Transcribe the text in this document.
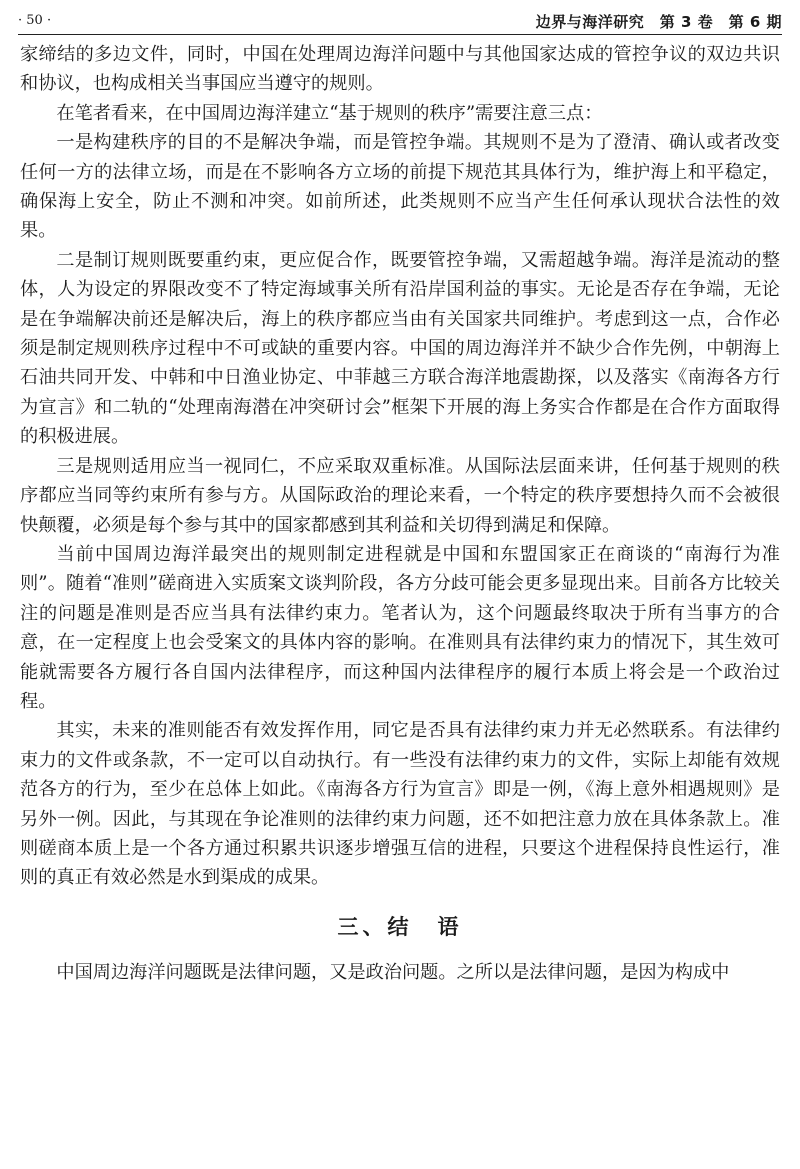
· 50 ·	边界与海洋研究　第 3 卷　第 6 期

家缔结的多边文件，同时，中国在处理周边海洋问题中与其他国家达成的管控争议的双边共识和协议，也构成相关当事国应当遵守的规则。

在笔者看来，在中国周边海洋建立“基于规则的秩序”需要注意三点：

一是构建秩序的目的不是解决争端，而是管控争端。其规则不是为了澄清、确认或者改变任何一方的法律立场，而是在不影响各方立场的前提下规范其具体行为，维护海上和平稳定，确保海上安全，防止不测和冲突。如前所述，此类规则不应当产生任何承认现状合法性的效果。

二是制订规则既要重约束，更应促合作，既要管控争端，又需超越争端。海洋是流动的整体，人为设定的界限改变不了特定海域事关所有沿岸国利益的事实。无论是否存在争端，无论是在争端解决前还是解决后，海上的秩序都应当由有关国家共同维护。考虑到这一点，合作必须是制定规则秩序过程中不可或缺的重要内容。中国的周边海洋并不缺少合作先例，中朝海上石油共同开发、中韩和中日渔业协定、中菲越三方联合海洋地震勘探，以及落实《南海各方行为宣言》和二轨的“处理南海潜在冲突研讨会”框架下开展的海上务实合作都是在合作方面取得的积极进展。

三是规则适用应当一视同仁，不应采取双重标准。从国际法层面来讲，任何基于规则的秩序都应当同等约束所有参与方。从国际政治的理论来看，一个特定的秩序要想持久而不会被很快颠覆，必须是每个参与其中的国家都感到其利益和关切得到满足和保障。

当前中国周边海洋最突出的规则制定进程就是中国和东盟国家正在商谈的“南海行为准则”。随着“准则”磋商进入实质案文谈判阶段，各方分歧可能会更多显现出来。目前各方比较关注的问题是准则是否应当具有法律约束力。笔者认为，这个问题最终取决于所有当事方的合意，在一定程度上也会受案文的具体内容的影响。在准则具有法律约束力的情况下，其生效可能就需要各方履行各自国内法律程序，而这种国内法律程序的履行本质上将会是一个政治过程。

其实，未来的准则能否有效发挥作用，同它是否具有法律约束力并无必然联系。有法律约束力的文件或条款，不一定可以自动执行。有一些没有法律约束力的文件，实际上却能有效规范各方的行为，至少在总体上如此。《南海各方行为宣言》即是一例，《海上意外相遇规则》是另外一例。因此，与其现在争论准则的法律约束力问题，还不如把注意力放在具体条款上。准则磋商本质上是一个各方通过积累共识逐步增强互信的进程，只要这个进程保持良性运行，准则的真正有效必然是水到渠成的成果。

三、结　语

中国周边海洋问题既是法律问题，又是政治问题。之所以是法律问题，是因为构成中
